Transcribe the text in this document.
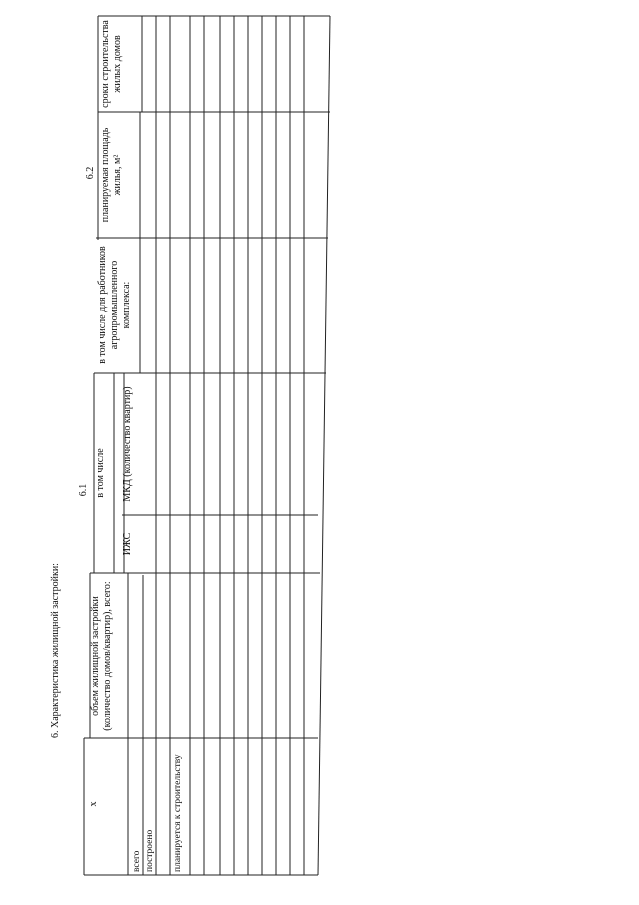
6. Характеристика жилищной застройки:
6.1
6.2
x
объем жилищной застройки (количество домов/квартир), всего:
в том числе
ИЖС
МКД (количество квартир)
в том числе для работников агропромышленного комплекса:
планируемая площадь жилья, м²
сроки строительства жилых домов
всего построено планируется к строительству
